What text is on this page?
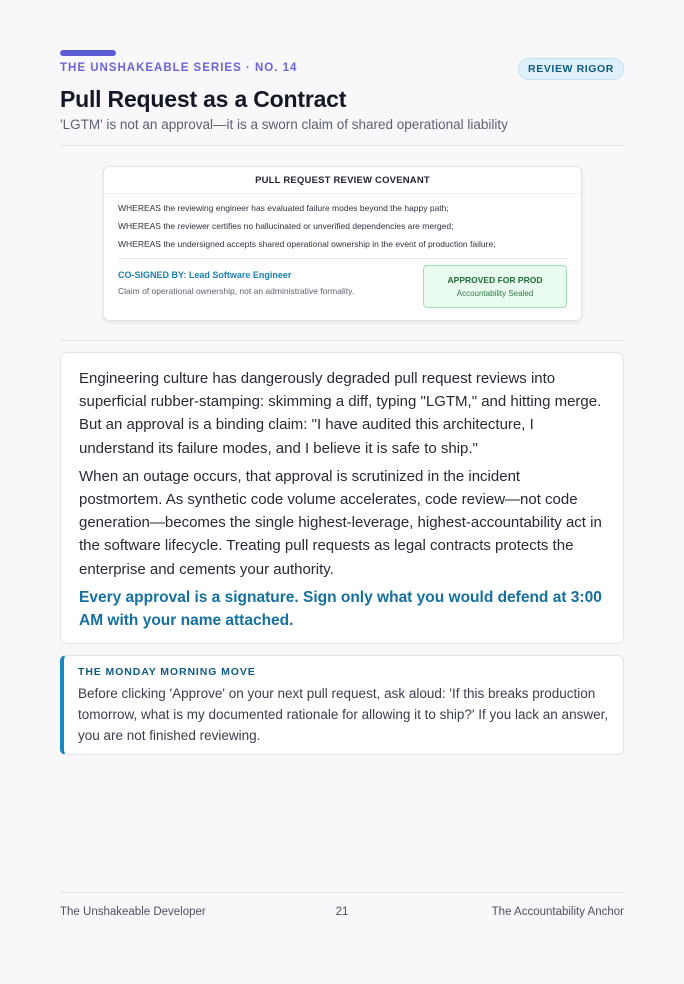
THE UNSHAKEABLE SERIES · NO. 14	REVIEW RIGOR
Pull Request as a Contract
'LGTM' is not an approval—it is a sworn claim of shared operational liability
PULL REQUEST REVIEW COVENANT
WHEREAS the reviewing engineer has evaluated failure modes beyond the happy path;
WHEREAS the reviewer certifies no hallucinated or unverified dependencies are merged;
WHEREAS the undersigned accepts shared operational ownership in the event of production failure;
CO-SIGNED BY: Lead Software Engineer
Claim of operational ownership, not an administrative formality.
APPROVED FOR PROD
Accountability Sealed

Engineering culture has dangerously degraded pull request reviews into superficial rubber-stamping: skimming a diff, typing "LGTM," and hitting merge. But an approval is a binding claim: "I have audited this architecture, I understand its failure modes, and I believe it is safe to ship."

When an outage occurs, that approval is scrutinized in the incident postmortem. As synthetic code volume accelerates, code review—not code generation—becomes the single highest-leverage, highest-accountability act in the software lifecycle. Treating pull requests as legal contracts protects the enterprise and cements your authority.

Every approval is a signature. Sign only what you would defend at 3:00 AM with your name attached.

THE MONDAY MORNING MOVE
Before clicking 'Approve' on your next pull request, ask aloud: 'If this breaks production tomorrow, what is my documented rationale for allowing it to ship?' If you lack an answer, you are not finished reviewing.
The Unshakeable Developer	21	The Accountability Anchor
